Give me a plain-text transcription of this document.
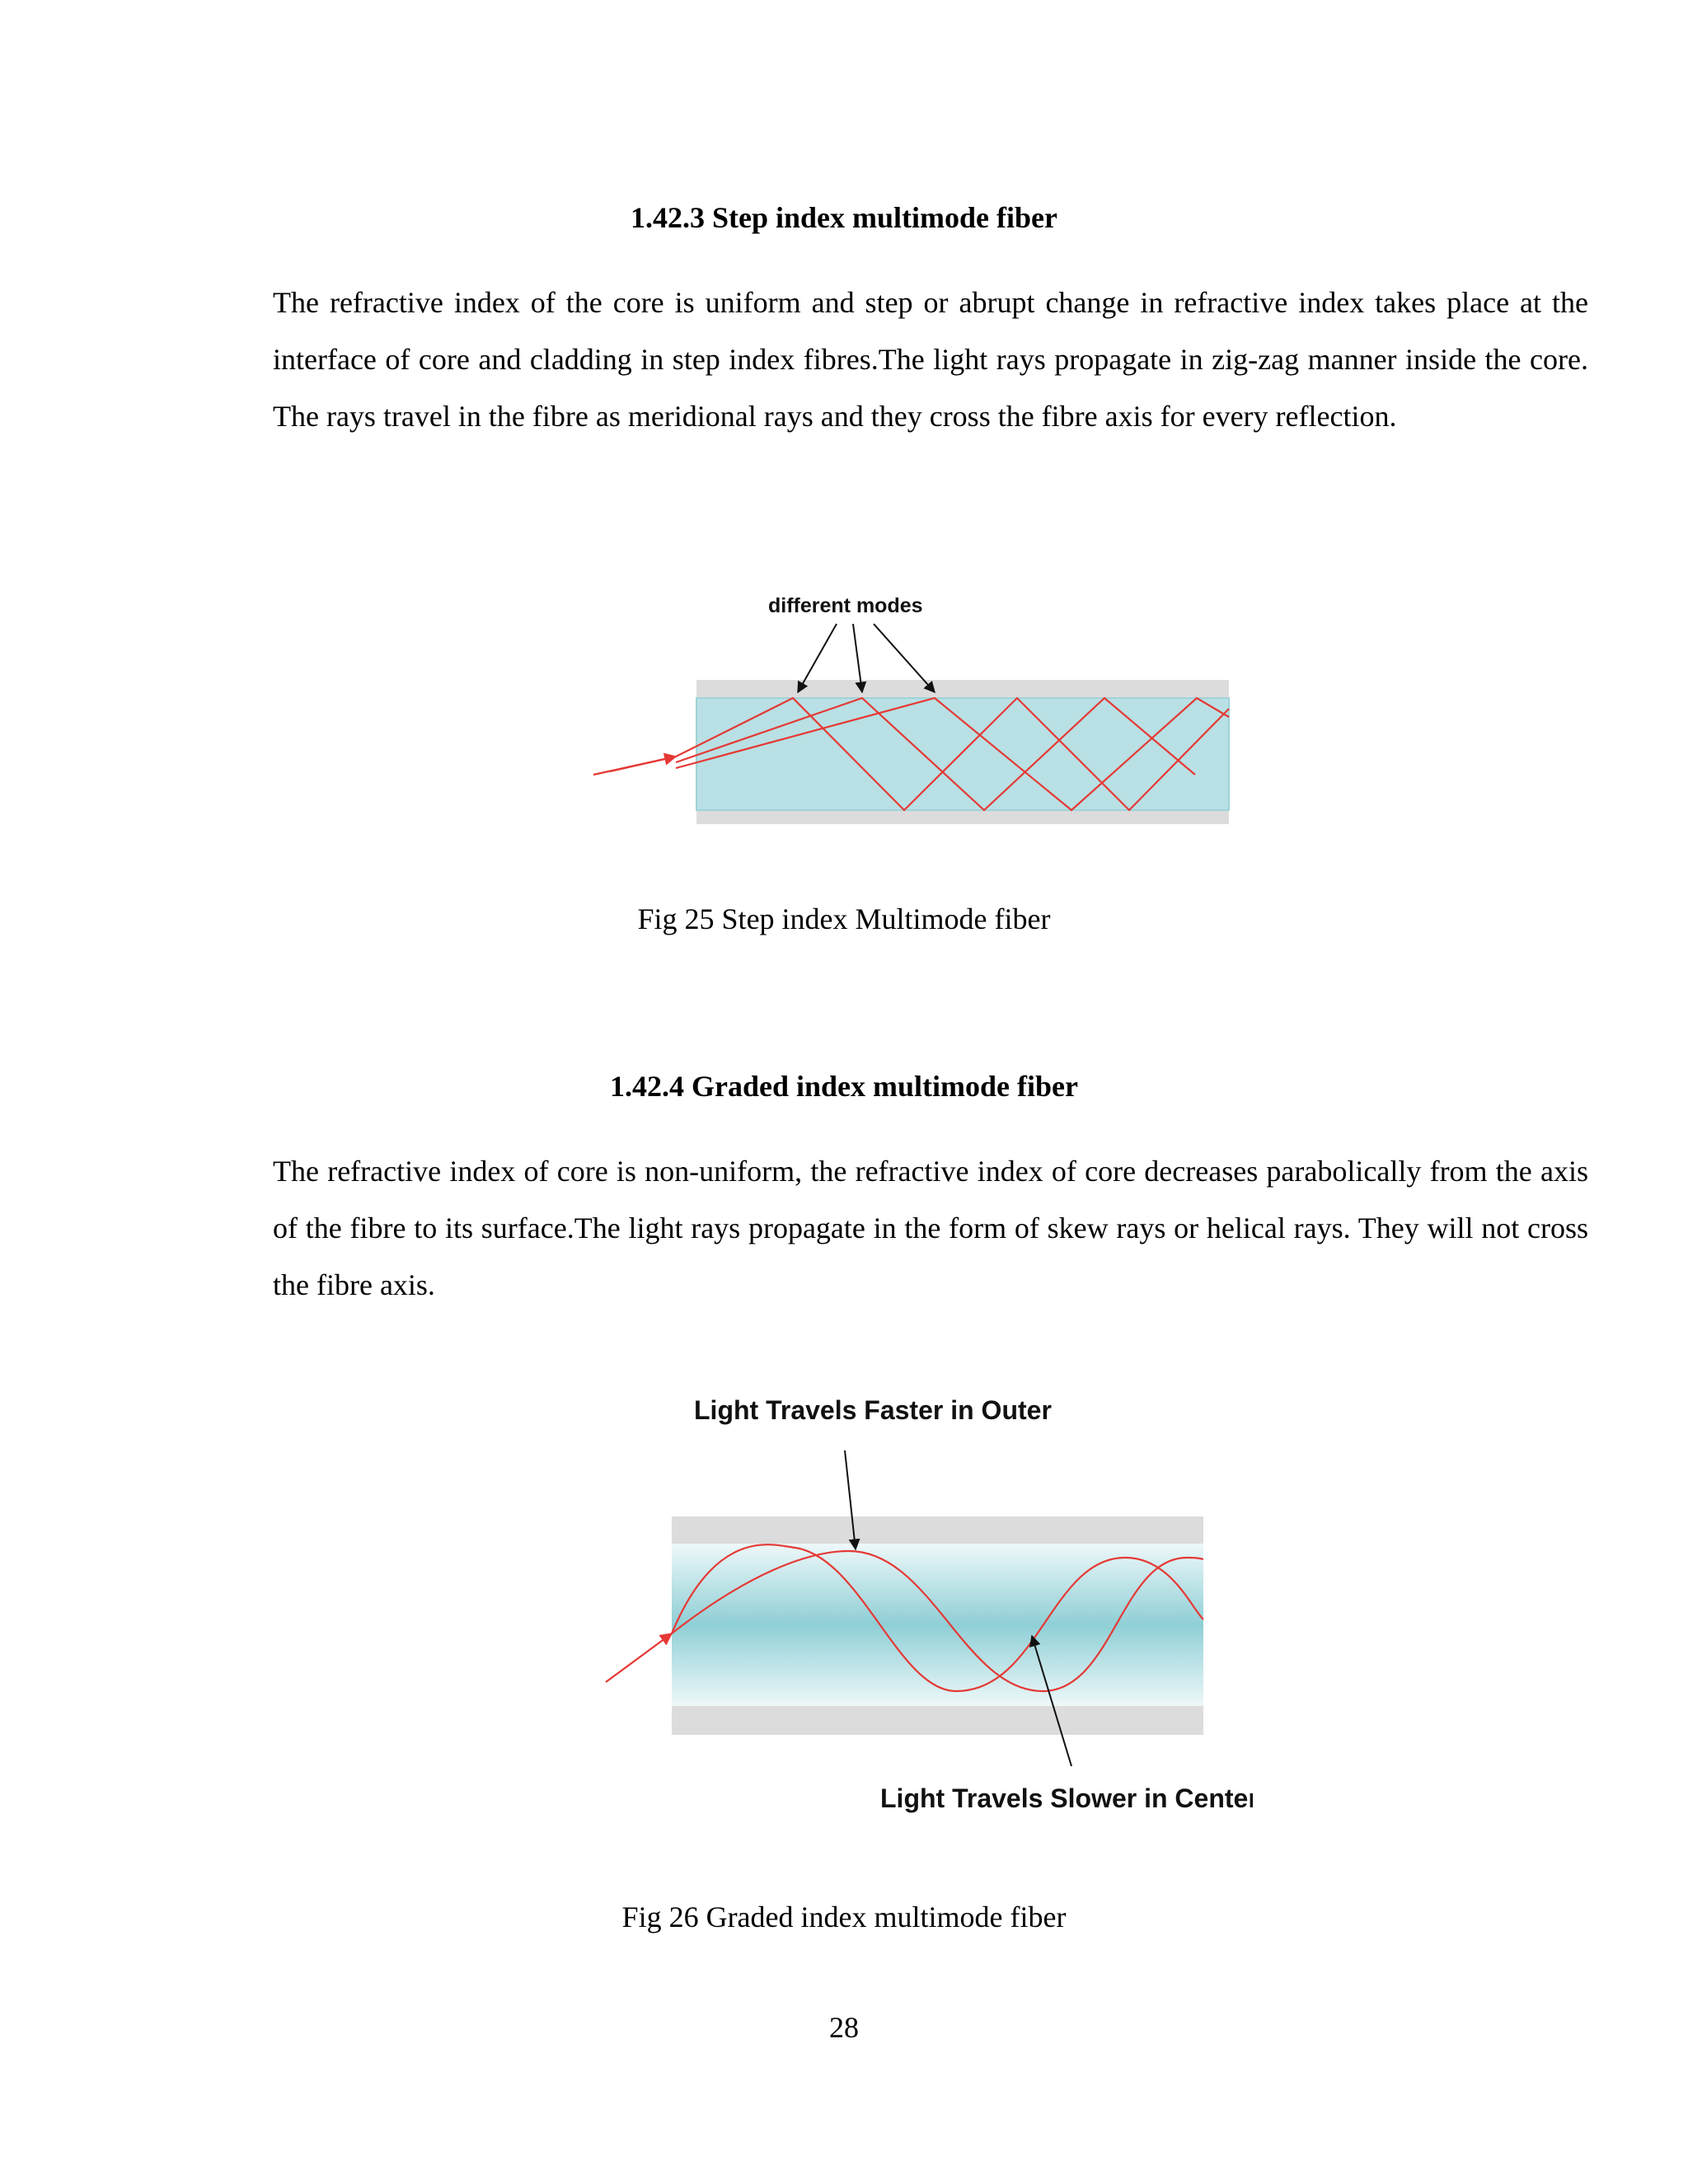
1.42.3 Step index multimode fiber

The refractive index of the core is uniform and step or abrupt change in refractive index takes place at the interface of core and cladding in step index fibres.The light rays propagate in zig-zag manner inside the core. The rays travel in the fibre as meridional rays and they cross the fibre axis for every reflection.

different modes

Fig 25 Step index Multimode fiber

1.42.4 Graded index multimode fiber

The refractive index of core is non-uniform, the refractive index of core decreases parabolically from the axis of the fibre to its surface.The light rays propagate in the form of skew rays or helical rays. They will not cross the fibre axis.

Light Travels Faster in Outer
Light Travels Slower in Center

Fig 26 Graded index multimode fiber

28
